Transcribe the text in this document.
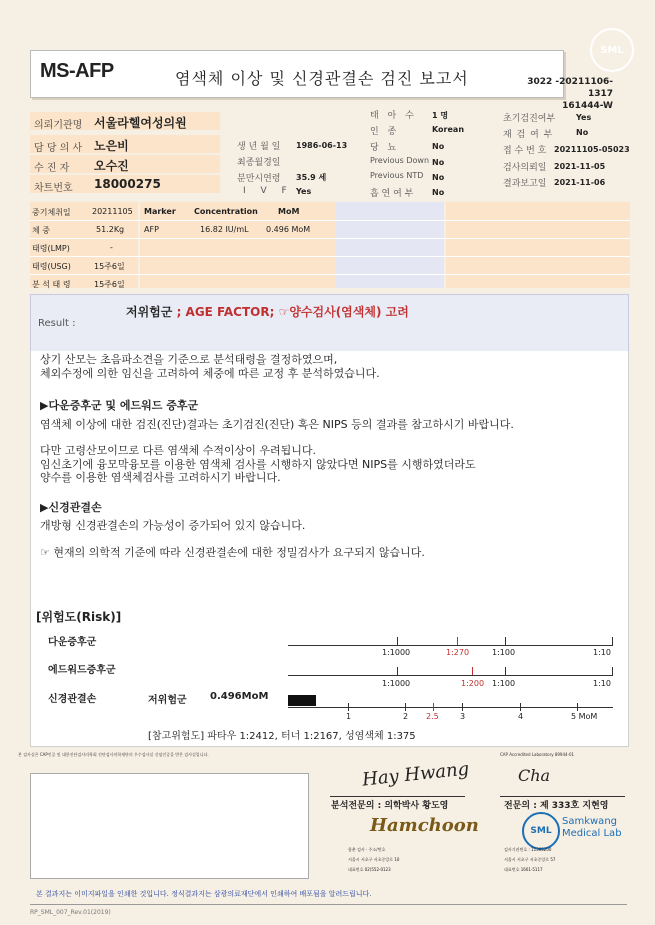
SML
MS-AFP	염색체 이상 및 신경관결손 검진 보고서	3022 -20211106-1317
161444-W
의뢰기관명 서울라헬여성의원
담 당 의 사 노은비
수 진 자 오수진
차트번호 18000275
생 년 월 일 1986-06-13
최종월경일
분만시연령 35.9 세
I V F Yes
태 아 수 1 명
인 종	Korean
당 뇨	No
Previous Down No
Previous NTD No
흡 연 여 부 No
초기검진여부	Yes
재 검 여 부	No
접 수 번 호 20211105-05023
검사의뢰일 2021-11-05
결과보고일 2021-11-06
중기체취일	20211105
체 중	51.2Kg
태령(LMP)	-
태령(USG)	15주6일
분 석 태 령	15주6일
Marker Concentration	MoM
AFP	16.82 IU/mL 0.496 MoM
Result :
저위험군 ; AGE FACTOR; ☞양수검사(염색체) 고려
상기 산모는 초음파소견을 기준으로 분석태령을 결정하였으며,
체외수정에 의한 임신을 고려하여 체중에 따른 교정 후 분석하였습니다.
▶다운증후군 및 에드워드 증후군
염색체 이상에 대한 검진(진단)결과는 초기검진(진단) 혹은 NIPS 등의 결과를 참고하시기 바랍니다.
다만 고령산모이므로 다른 염색체 수적이상이 우려됩니다.
임신초기에 융모막융모를 이용한 염색체 검사를 시행하지 않았다면 NIPS를 시행하였더라도
양수를 이용한 염색체검사를 고려하시기 바랍니다.
▶신경관결손
개방형 신경관결손의 가능성이 증가되어 있지 않습니다.
☞ 현재의 의학적 기준에 따라 신경관결손에 대한 정밀검사가 요구되지 않습니다.
[위험도(Risk)]
다운증후군
에드워드증후군
신경관결손	저위험군 0.496MoM
1:1000	1:270	1:100	1:10
1:1000	1:200 1:100	1:10
1	2 2.5	3	4	5 MoM
[참고위험도] 파타우 1:2412, 터너 1:2167, 성염색체 1:375
본 검사실은 CAP인증 및 대한진단검사의학회 진단검사의학재단의 우수검사실 신임인증을 받은 검사실입니다.	CAP Accredited Laboratory 89944-01
Hay Hwang
분석전문의 : 의학박사 황도영
Hamchoon
함춘 검사 · 주소/번호
서울시 서초구 서초중앙로 10
대표번호 02)552-0123
Cha
전문의 : 제 333호 지현영
SML
Samkwang
Medical Lab
검사기관번호 : 11365200
서울시 서초구 서초중앙로 57
대표번호 1661-5117
본 결과지는 이미지파일을 인쇄한 것입니다. 정식결과지는 삼광의료재단에서 인쇄하여 배포됨을 알려드립니다.
RP_SML_007_Rev.01(2019)
